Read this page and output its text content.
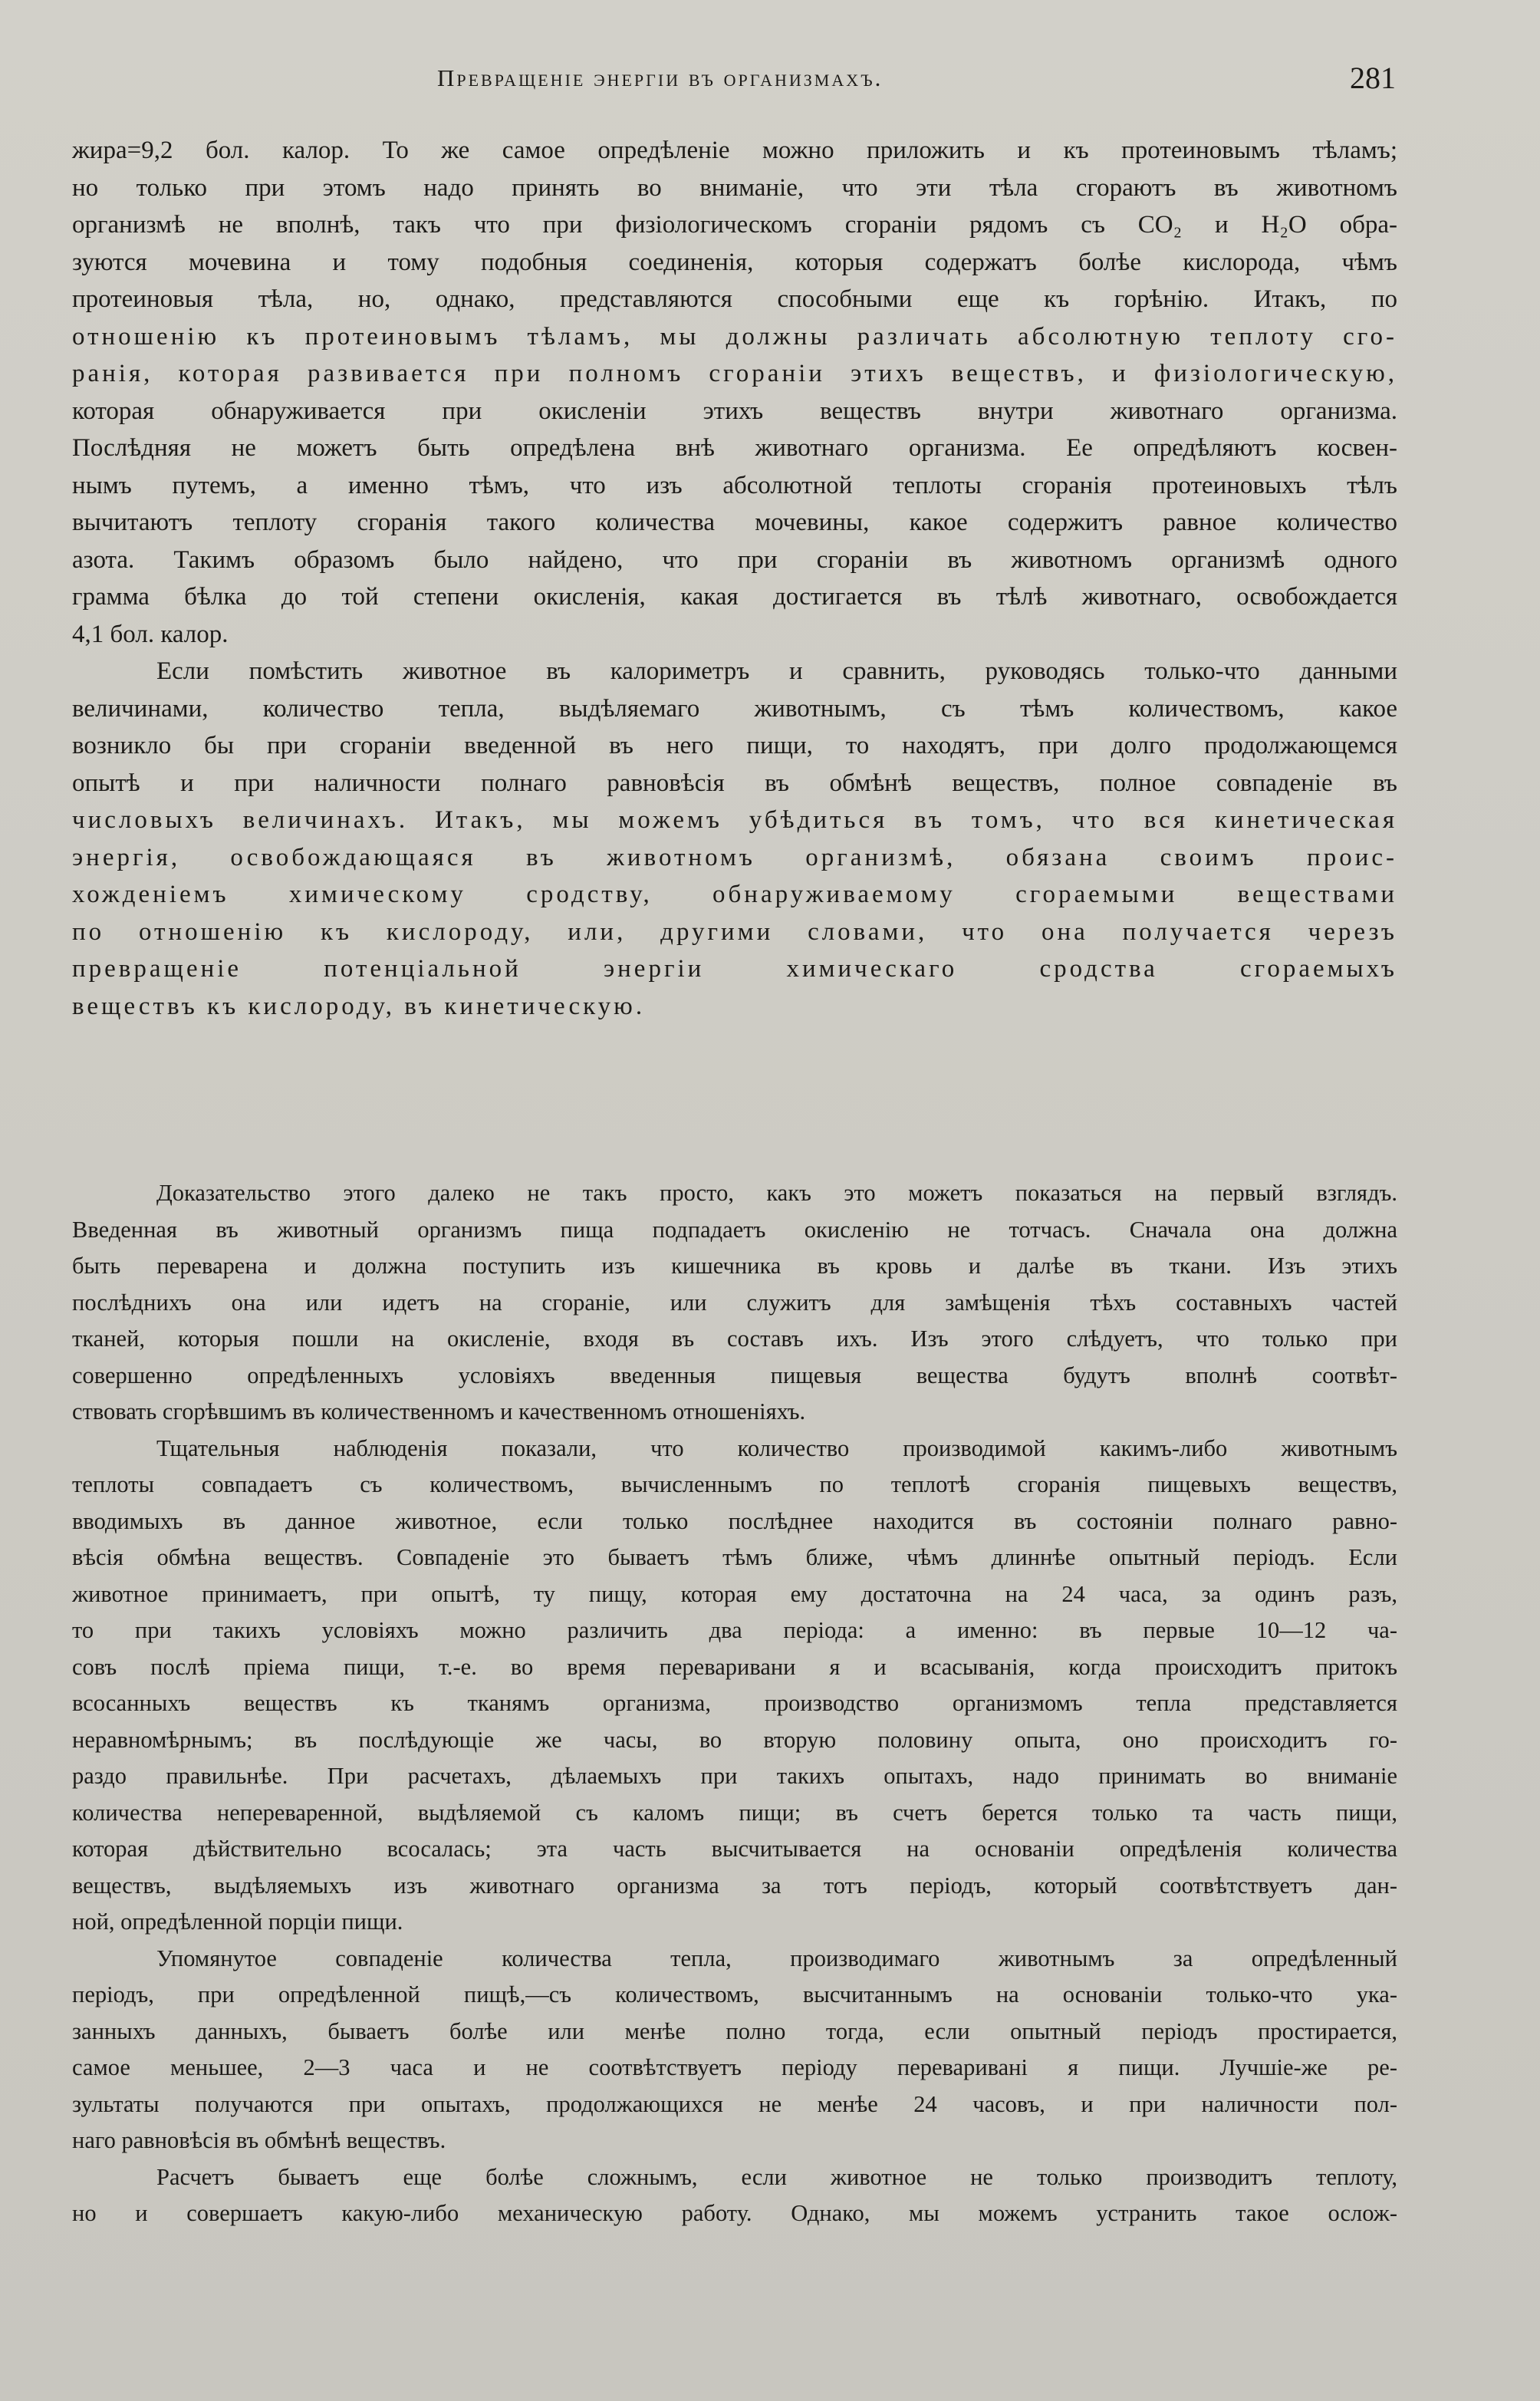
Превращеніе энергіи въ организмахъ.	281
жира=9,2 бол. калор. То же самое опредѣленіе можно приложить и къ протеиновымъ тѣламъ;
но только при этомъ надо принять во вниманіе, что эти тѣла сгораютъ въ животномъ
организмѣ не вполнѣ, такъ что при физіологическомъ сгораніи рядомъ съ CO₂ и H₂O обра-
зуются мочевина и тому подобныя соединенія, которыя содержатъ болѣе кислорода, чѣмъ
протеиновыя тѣла, но, однако, представляются способными еще къ горѣнію. Итакъ, по
отношенію къ протеиновымъ тѣламъ, мы должны различать абсолютную теплоту сго-
ранія, которая развивается при полномъ сгораніи этихъ веществъ, и физіологическую,
которая обнаруживается при окисленіи этихъ веществъ внутри животнаго организма.
Послѣдняя не можетъ быть опредѣлена внѣ животнаго организма. Ее опредѣляютъ косвен-
нымъ путемъ, а именно тѣмъ, что изъ абсолютной теплоты сгоранія протеиновыхъ тѣлъ
вычитаютъ теплоту сгоранія такого количества мочевины, какое содержитъ равное количество
азота. Такимъ образомъ было найдено, что при сгораніи въ животномъ организмѣ одного
грамма бѣлка до той степени окисленія, какая достигается въ тѣлѣ животнаго, освобождается
4,1 бол. калор.
Если помѣстить животное въ калориметръ и сравнить, руководясь только-что данными
величинами, количество тепла, выдѣляемаго животнымъ, съ тѣмъ количествомъ, какое
возникло бы при сгораніи введенной въ него пищи, то находятъ, при долго продолжающемся
опытѣ и при наличности полнаго равновѣсія въ обмѣнѣ веществъ, полное совпаденіе въ
числовыхъ величинахъ. Итакъ, мы можемъ убѣдиться въ томъ, что вся кинетическая
энергія, освобождающаяся въ животномъ организмѣ, обязана своимъ проис-
хожденіемъ химическому сродству, обнаруживаемому сгораемыми веществами
по отношенію къ кислороду, или, другими словами, что она получается черезъ
превращеніе потенціальной энергіи химическаго сродства сгораемыхъ
веществъ къ кислороду, въ кинетическую.
Доказательство этого далеко не такъ просто, какъ это можетъ показаться на первый взглядъ.
Введенная въ животный организмъ пища подпадаетъ окисленію не тотчасъ. Сначала она должна
быть переварена и должна поступить изъ кишечника въ кровь и далѣе въ ткани. Изъ этихъ
послѣднихъ она или идетъ на сгораніе, или служитъ для замѣщенія тѣхъ составныхъ частей
тканей, которыя пошли на окисленіе, входя въ составъ ихъ. Изъ этого слѣдуетъ, что только при
совершенно опредѣленныхъ условіяхъ введенныя пищевыя вещества будутъ вполнѣ соотвѣт-
ствовать сгорѣвшимъ въ количественномъ и качественномъ отношеніяхъ.
Тщательныя наблюденія показали, что количество производимой какимъ-либо животнымъ
теплоты совпадаетъ съ количествомъ, вычисленнымъ по теплотѣ сгоранія пищевыхъ веществъ,
вводимыхъ въ данное животное, если только послѣднее находится въ состояніи полнаго равно-
вѣсія обмѣна веществъ. Совпаденіе это бываетъ тѣмъ ближе, чѣмъ длиннѣе опытный періодъ. Если
животное принимаетъ, при опытѣ, ту пищу, которая ему достаточна на 24 часа, за одинъ разъ,
то при такихъ условіяхъ можно различить два періода: а именно: въ первые 10—12 ча-
совъ послѣ пріема пищи, т.-е. во время переваривани я и всасыванія, когда происходитъ притокъ
всосанныхъ веществъ къ тканямъ организма, производство организмомъ тепла представляется
неравномѣрнымъ; въ послѣдующіе же часы, во вторую половину опыта, оно происходитъ го-
раздо правильнѣе. При расчетахъ, дѣлаемыхъ при такихъ опытахъ, надо принимать во вниманіе
количества непереваренной, выдѣляемой съ каломъ пищи; въ счетъ берется только та часть пищи,
которая дѣйствительно всосалась; эта часть высчитывается на основаніи опредѣленія количества
веществъ, выдѣляемыхъ изъ животнаго организма за тотъ періодъ, который соотвѣтствуетъ дан-
ной, опредѣленной порціи пищи.
Упомянутое совпаденіе количества тепла, производимаго животнымъ за опредѣленный
періодъ, при опредѣленной пищѣ,—съ количествомъ, высчитаннымъ на основаніи только-что ука-
занныхъ данныхъ, бываетъ болѣе или менѣе полно тогда, если опытный періодъ простирается,
самое меньшее, 2—3 часа и не соотвѣтствуетъ періоду переваривані я пищи. Лучшіе-же ре-
зультаты получаются при опытахъ, продолжающихся не менѣе 24 часовъ, и при наличности пол-
наго равновѣсія въ обмѣнѣ веществъ.
Расчетъ бываетъ еще болѣе сложнымъ, если животное не только производитъ теплоту,
но и совершаетъ какую-либо механическую работу. Однако, мы можемъ устранить такое ослож-
